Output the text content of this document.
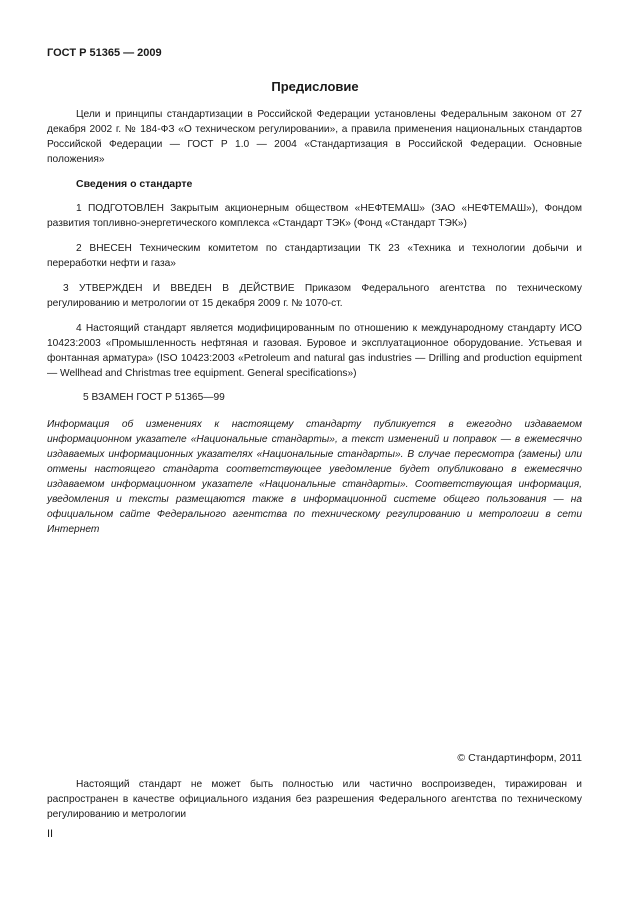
ГОСТ Р 51365 — 2009
Предисловие
Цели и принципы стандартизации в Российской Федерации установлены Федеральным законом от 27 декабря 2002 г. № 184-ФЗ «О техническом регулировании», а правила применения национальных стандартов Российской Федерации — ГОСТ Р 1.0 — 2004 «Стандартизация в Российской Федерации. Основные положения»
Сведения о стандарте
1 ПОДГОТОВЛЕН Закрытым акционерным обществом «НЕФТЕМАШ» (ЗАО «НЕФТЕМАШ»), Фондом развития топливно-энергетического комплекса «Стандарт ТЭК» (Фонд «Стандарт ТЭК»)
2 ВНЕСЕН Техническим комитетом по стандартизации ТК 23 «Техника и технологии добычи и переработки нефти и газа»
3 УТВЕРЖДЕН И ВВЕДЕН В ДЕЙСТВИЕ Приказом Федерального агентства по техническому регулированию и метрологии от 15 декабря 2009 г. № 1070-ст.
4 Настоящий стандарт является модифицированным по отношению к международному стандарту ИСО 10423:2003 «Промышленность нефтяная и газовая. Буровое и эксплуатационное оборудование. Устьевая и фонтанная арматура» (ISO 10423:2003 «Petroleum and natural gas industries — Drilling and production equipment — Wellhead and Christmas tree equipment. General specifications»)
5 ВЗАМЕН ГОСТ Р 51365—99
Информация об изменениях к настоящему стандарту публикуется в ежегодно издаваемом информационном указателе «Национальные стандарты», а текст изменений и поправок — в ежемесячно издаваемых информационных указателях «Национальные стандарты». В случае пересмотра (замены) или отмены настоящего стандарта соответствующее уведомление будет опубликовано в ежемесячно издаваемом информационном указателе «Национальные стандарты». Соответствующая информация, уведомления и тексты размещаются также в информационной системе общего пользования — на официальном сайте Федерального агентства по техническому регулированию и метрологии в сети Интернет
© Стандартинформ, 2011
Настоящий стандарт не может быть полностью или частично воспроизведен, тиражирован и распространен в качестве официального издания без разрешения Федерального агентства по техническому регулированию и метрологии
II
